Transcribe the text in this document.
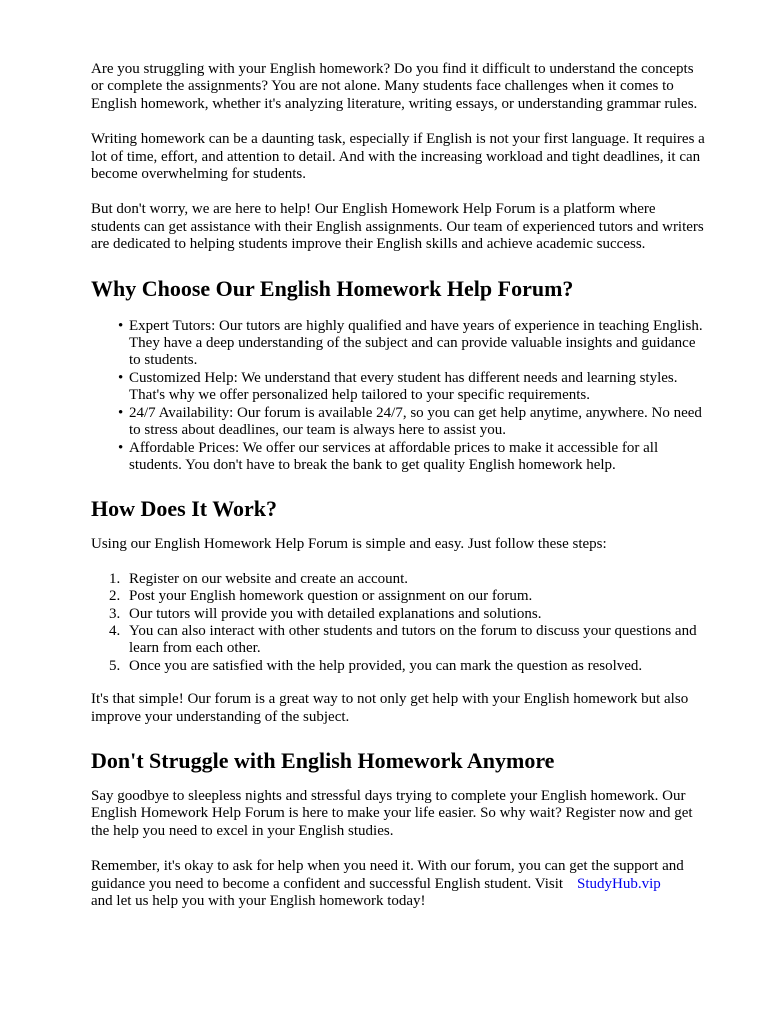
Are you struggling with your English homework? Do you find it difficult to understand the concepts or complete the assignments? You are not alone. Many students face challenges when it comes to English homework, whether it's analyzing literature, writing essays, or understanding grammar rules.

Writing homework can be a daunting task, especially if English is not your first language. It requires a lot of time, effort, and attention to detail. And with the increasing workload and tight deadlines, it can become overwhelming for students.

But don't worry, we are here to help! Our English Homework Help Forum is a platform where students can get assistance with their English assignments. Our team of experienced tutors and writers are dedicated to helping students improve their English skills and achieve academic success.

Why Choose Our English Homework Help Forum?
• Expert Tutors: Our tutors are highly qualified and have years of experience in teaching English. They have a deep understanding of the subject and can provide valuable insights and guidance to students.
• Customized Help: We understand that every student has different needs and learning styles. That's why we offer personalized help tailored to your specific requirements.
• 24/7 Availability: Our forum is available 24/7, so you can get help anytime, anywhere. No need to stress about deadlines, our team is always here to assist you.
• Affordable Prices: We offer our services at affordable prices to make it accessible for all students. You don't have to break the bank to get quality English homework help.
How Does It Work?

Using our English Homework Help Forum is simple and easy. Just follow these steps:

1. Register on our website and create an account.
2. Post your English homework question or assignment on our forum.
3. Our tutors will provide you with detailed explanations and solutions.
4. You can also interact with other students and tutors on the forum to discuss your questions and learn from each other.
5. Once you are satisfied with the help provided, you can mark the question as resolved.

It's that simple! Our forum is a great way to not only get help with your English homework but also improve your understanding of the subject.

Don't Struggle with English Homework Anymore

Say goodbye to sleepless nights and stressful days trying to complete your English homework. Our English Homework Help Forum is here to make your life easier. So why wait? Register now and get the help you need to excel in your English studies.

Remember, it's okay to ask for help when you need it. With our forum, you can get the support and guidance you need to become a confident and successful English student. Visit StudyHub.vip
and let us help you with your English homework today!
